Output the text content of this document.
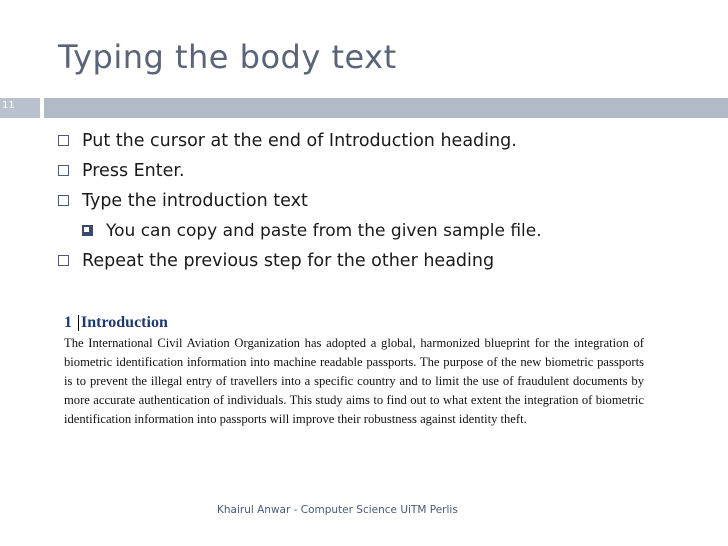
Typing the body text
11
Put the cursor at the end of Introduction heading.
Press Enter.
Type the introduction text
You can copy and paste from the given sample file.
Repeat the previous step for the other heading
1 Introduction
The International Civil Aviation Organization has adopted a global, harmonized blueprint for the integration of biometric identification information into machine readable passports. The purpose of the new biometric passports is to prevent the illegal entry of travellers into a specific country and to limit the use of fraudulent documents by more accurate authentication of individuals. This study aims to find out to what extent the integration of biometric identification information into passports will improve their robustness against identity theft.
Khairul Anwar - Computer Science UiTM Perlis
